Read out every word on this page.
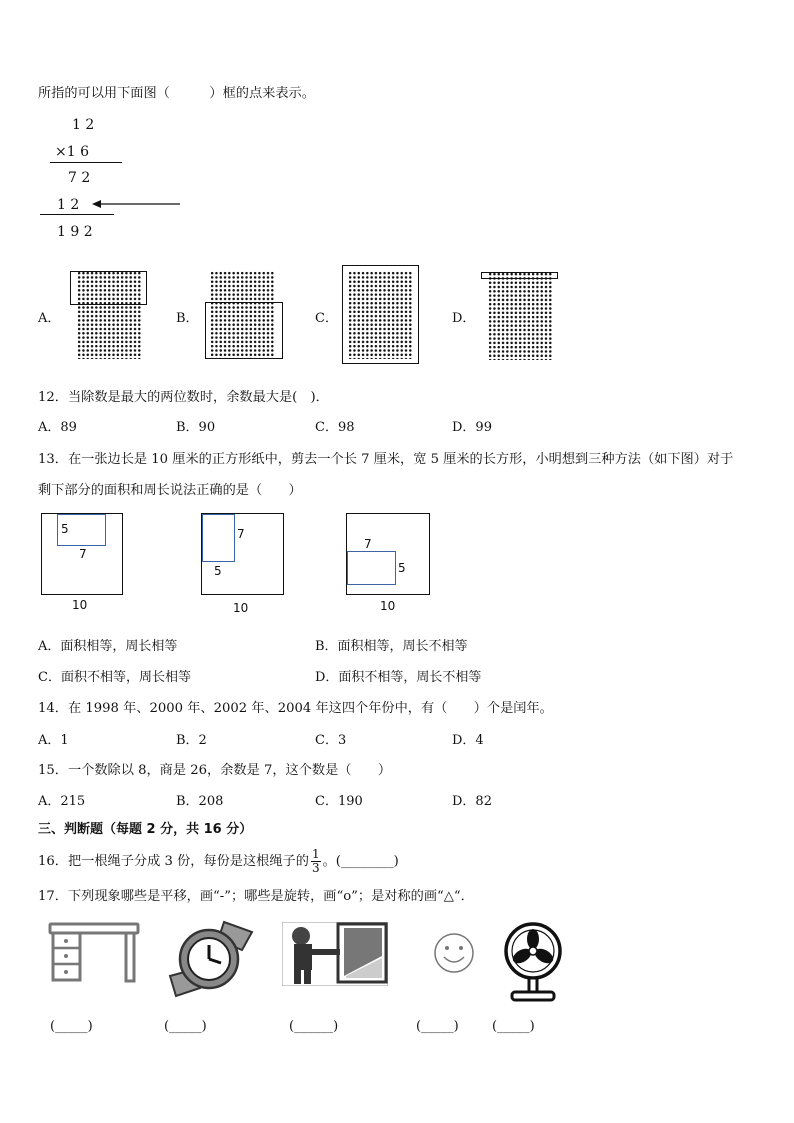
所指的可以用下面图（　　　）框的点来表示。
1 2
×1 6
7 2
1 2
1 9 2
A．	B．	C．	D．
12．当除数是最大的两位数时，余数最大是(　)．
A．89	B．90	C．98	D．99
13．在一张边长是 10 厘米的正方形纸中，剪去一个长 7 厘米，宽 5 厘米的长方形，小明想到三种方法（如下图）对于
剩下部分的面积和周长说法正确的是（　　）
5
7
10
7
5
10
7
5
10
A．面积相等，周长相等	B．面积相等，周长不相等
C．面积不相等，周长相等	D．面积不相等，周长不相等
14．在 1998 年、2000 年、2002 年、2004 年这四个年份中，有（　　）个是闰年。
A．1	B．2	C．3	D．4
15．一个数除以 8，商是 26，余数是 7，这个数是（　　）
A．215	B．208	C．190	D．82
三、判断题（每题 2 分，共 16 分）
16．把一根绳子分成 3 份，每份是这根绳子的 $\frac{1}{3}$ 。(________)
17．下列现象哪些是平移，画“-”；哪些是旋转，画“o”；是对称的画“△“．
(_____)	(_____)	(______)	(_____)	(_____)
